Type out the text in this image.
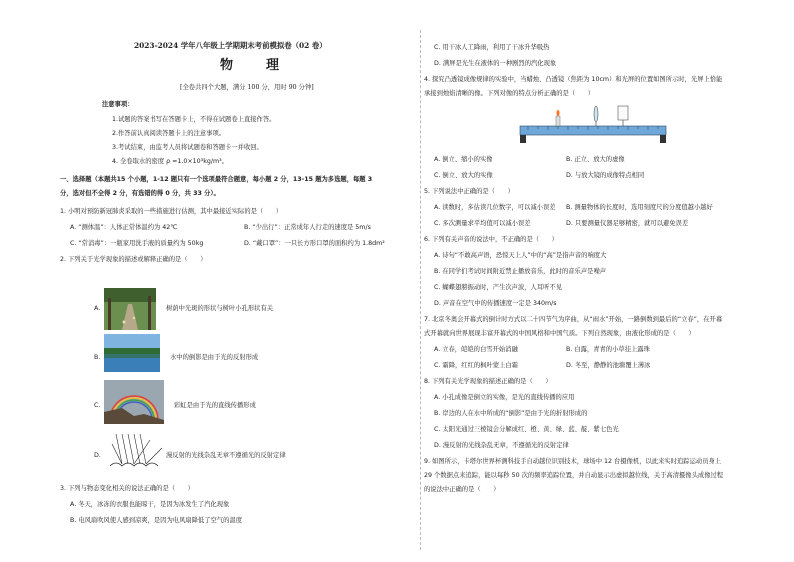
2023-2024 学年八年级上学期期末考前模拟卷（02 卷）
物　理
[全卷共四个大题，满分 100 分，用时 90 分钟]
注意事项：
1.试题的答案书写在答题卡上，不得在试题卷上直接作答。
2.作答前认真阅读答题卡上的注意事项。
3.考试结束，由监考人员将试题卷和答题卡一并收回。
4. 全卷取水的密度 ρ =1.0×10³kg/m³。
一、选择题（本题共15 个小题，1-12 题只有一个选项最符合题意，每小题 2 分，13-15 题为多选题，每题 3
分，选对但不全得 2 分，有选错的得 0 分，共 33 分）。
1. 小明对预防新冠肺炎采取的一些措施进行估测，其中最接近实际的是（　　）
A. “测体温”：人体正常体温约为 42℃	B. “少出行”：正常成年人行走的速度是 5m/s
C. “常消毒”：一瓶家用洗手液的质量约为 50kg	D. “戴口罩”：一只长方形口罩的面积约为 1.8dm²
2. 下列关于光学现象的描述或解释正确的是（　　）
A.	树荫中光斑的形状与树叶小孔形状有关
B.	水中的倒影是由于光的反射形成
C.	彩虹是由于光的直线传播形成
D.	漫反射的光线杂乱无章不遵循光的反射定律
3. 下列与物态变化相关的说法正确的是（　　）
A. 冬天，冰冻的衣服也能晾干，是因为冰发生了汽化现象
B. 电风扇吹风使人感到凉爽，是因为电风扇降低了空气的温度
C. 用干冰人工降雨，利用了干冰升华吸热
D. 满屏是光生在液体的一种剧烈的汽化现象
4. 探究凸透镜成像规律的实验中，当蜡烛、凸透镜（焦距为 10cm）和光屏的位置如图所示时，光屏上恰能
承接到烛焰清晰的像。下列对像的特点分析正确的是（　　）
A. 倒立、缩小的实像	B. 正立、放大的虚像
C. 倒立、放大的实像	D. 与放大镜的成像特点相同
5. 下列说法中正确的是（　　）
A. 读数时，多估读几位数字，可以减小误差 B. 测量物体的长度时，选用刻度尺的分度值越小越好
C. 多次测量求平均值可以减小误差	D. 只要测量仪器足够精密，就可以避免误差
6. 下列有关声音的说法中，不正确的是（　　）
A. 诗句“不敢高声语，恐惊天上人”中的“高”是指声音的响度大
B. 在同学们考试时间附近禁止播放音乐，此时的音乐声是噪声
C. 蝴蝶翅膀振动时，产生次声波，人耳听不见
D. 声音在空气中的传播速度一定是 340m/s
7. 北京冬奥会开幕式的倒计时方式以二十四节气为序曲，从“雨水”开始，一路倒数到最后的“立春”，在开幕
式开幕就向世界展现丰富开幕式的中国风格和中国气质。下列自然现象，由液化形成的是（　　）
A. 立春，皑皑的白雪开始消融	B. 白露，青青的小草挂上露珠
C. 霜降，红红的枫叶蒙上白霜	D. 冬至，静静的池塘覆上薄冰
8. 下列有关光学现象的描述正确的是（　　）
A. 小孔成像是倒立的实像，是光的直线传播的应用
B. 岸边的人在水中所成的“倒影”是由于光的折射形成的
C. 太阳光通过三棱镜会分解成红、橙、黄、绿、蓝、靛、紫七色光
D. 漫反射的光线杂乱无章，不遵循光的反射定律
9. 如图所示，卡塔尔世界杯测科技手自动越位识别技术，球场中 12 台摄像机，以此来实时追踪运动员身上
29 个数据点来追踪，能以每秒 50 次的频率追踪位置，并自动显示出虚拟越位线，关于高清摄像头成像过程
的说法中正确的是（　　）
